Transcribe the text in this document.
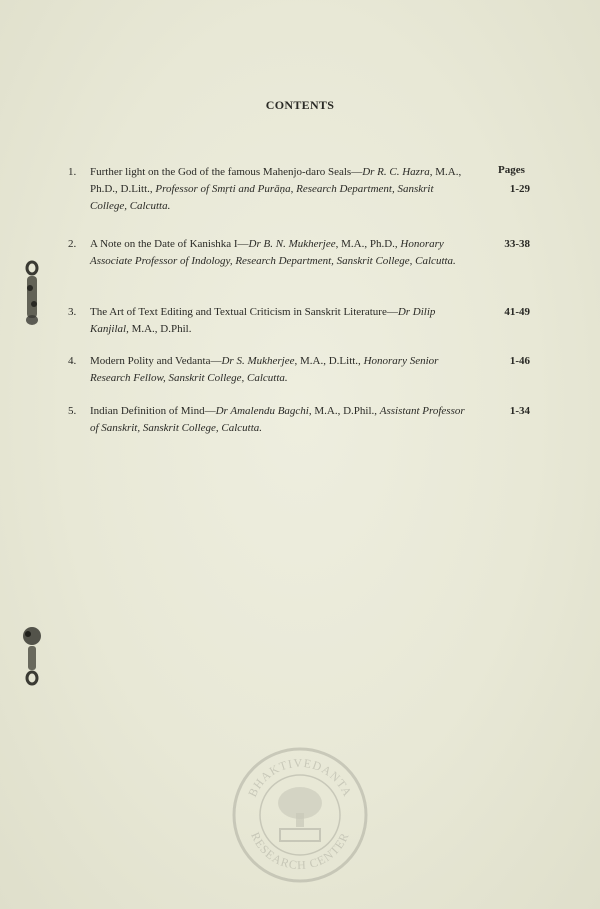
CONTENTS
Pages
1.	Further light on the God of the famous Mahenjo-daro Seals—Dr R. C. Hazra, M.A., Ph.D., D.Litt., Professor of Smṛti and Purāṇa, Research Department, Sanskrit College, Calcutta.
1-29
2.	A Note on the Date of Kanishka I—Dr B. N. Mukherjee, M.A., Ph.D., Honorary Associate Professor of Indology, Research Department, Sanskrit College, Calcutta.
33-38
3.	The Art of Text Editing and Textual Criticism in Sanskrit Literature—Dr Dilip Kanjilal, M.A., D.Phil.
41-49
4.	Modern Polity and Vedanta—Dr S. Mukherjee, M.A., D.Litt., Honorary Senior Research Fellow, Sanskrit College, Calcutta.
1-46
5.	Indian Definition of Mind—Dr Amalendu Bagchi, M.A., D.Phil., Assistant Professor of Sanskrit, Sanskrit College, Calcutta.
1-34
BHAKTIVEDANTA
RESEARCH CENTER
